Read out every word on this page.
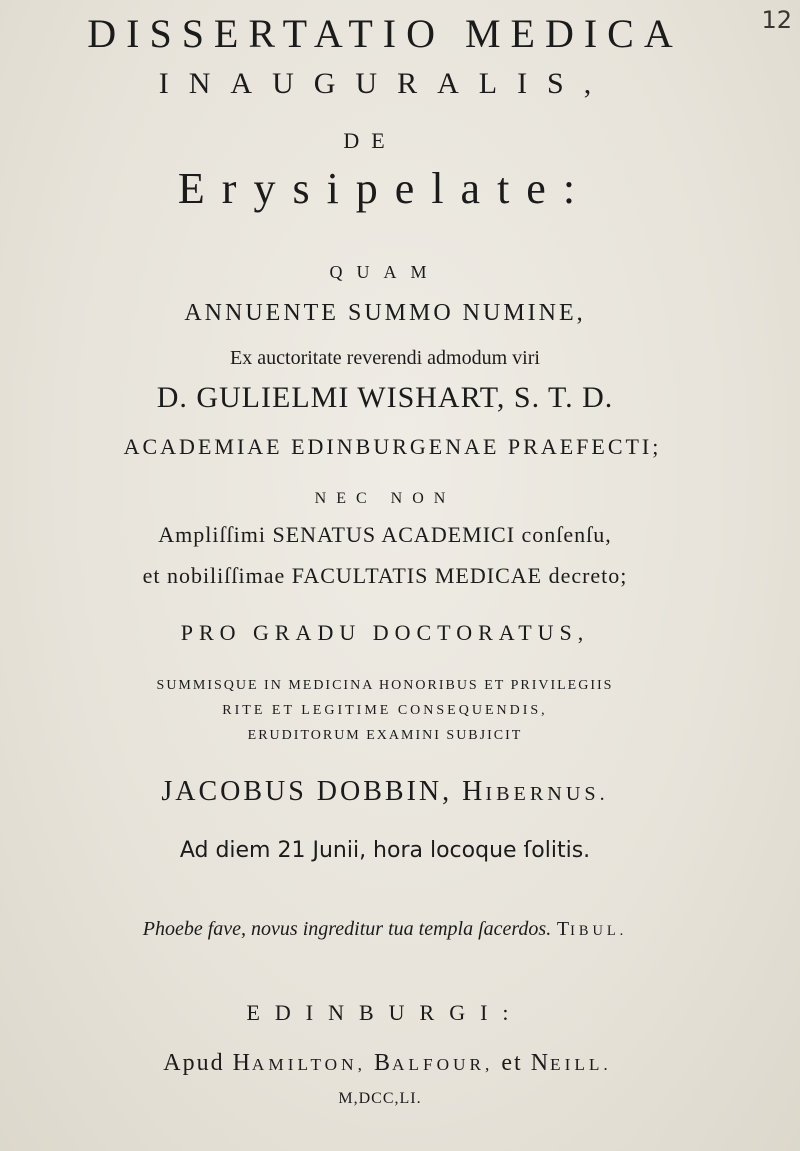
12
DISSERTATIO MEDICA
INAUGURALIS,
DE
Erysipelate:
QUAM
ANNUENTE SUMMO NUMINE,
Ex auctoritate reverendi admodum viri
D. GULIELMI WISHART, S. T. D.
ACADEMIAE EDINBURGENAE PRAEFECTI;
NEC NON
Ampliſſimi SENATUS ACADEMICI conſenſu,
et nobiliſſimae FACULTATIS MEDICAE decreto;
PRO GRADU DOCTORATUS,
SUMMISQUE IN MEDICINA HONORIBUS ET PRIVILEGIIS
RITE ET LEGITIME CONSEQUENDIS,
ERUDITORUM EXAMINI SUBJICIT
JACOBUS DOBBIN, HIBERNUS.
Ad diem 21 Junii, hora locoque ſolitis.
Phoebe fave, novus ingreditur tua templa ſacerdos. TIBUL.
EDINBURGI:
Apud HAMILTON, BALFOUR, et NEILL.
M,DCC,LI.
